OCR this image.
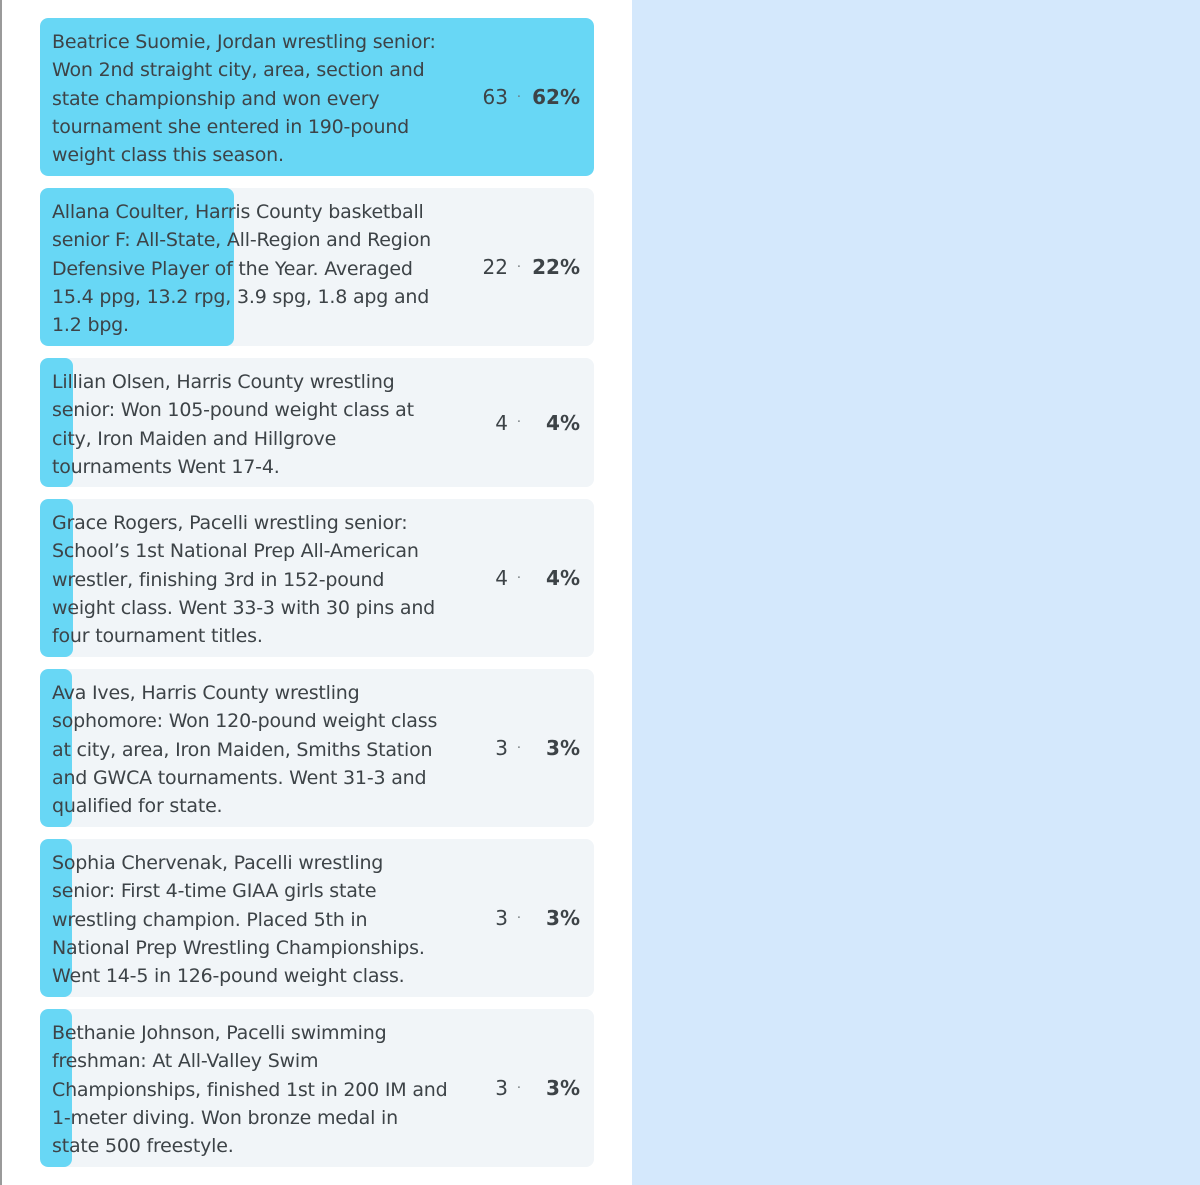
Beatrice Suomie, Jordan wrestling senior: Won 2nd straight city, area, section and state championship and won every tournament she entered in 190-pound weight class this season.
63 · 62%
Allana Coulter, Harris County basketball senior F: All-State, All-Region and Region Defensive Player of the Year. Averaged 15.4 ppg, 13.2 rpg, 3.9 spg, 1.8 apg and 1.2 bpg.
22 · 22%
Lillian Olsen, Harris County wrestling senior: Won 105-pound weight class at city, Iron Maiden and Hillgrove tournaments Went 17-4.
4 ·	4%
Grace Rogers, Pacelli wrestling senior: School’s 1st National Prep All-American wrestler, finishing 3rd in 152-pound weight class. Went 33-3 with 30 pins and four tournament titles.
4 ·	4%
Ava Ives, Harris County wrestling sophomore: Won 120-pound weight class at city, area, Iron Maiden, Smiths Station and GWCA tournaments. Went 31-3 and qualified for state.
3 ·	3%
Sophia Chervenak, Pacelli wrestling senior: First 4-time GIAA girls state wrestling champion. Placed 5th in National Prep Wrestling Championships. Went 14-5 in 126-pound weight class.
3 ·	3%
Bethanie Johnson, Pacelli swimming freshman: At All-Valley Swim Championships, finished 1st in 200 IM and 1-meter diving. Won bronze medal in state 500 freestyle.
3 ·	3%
